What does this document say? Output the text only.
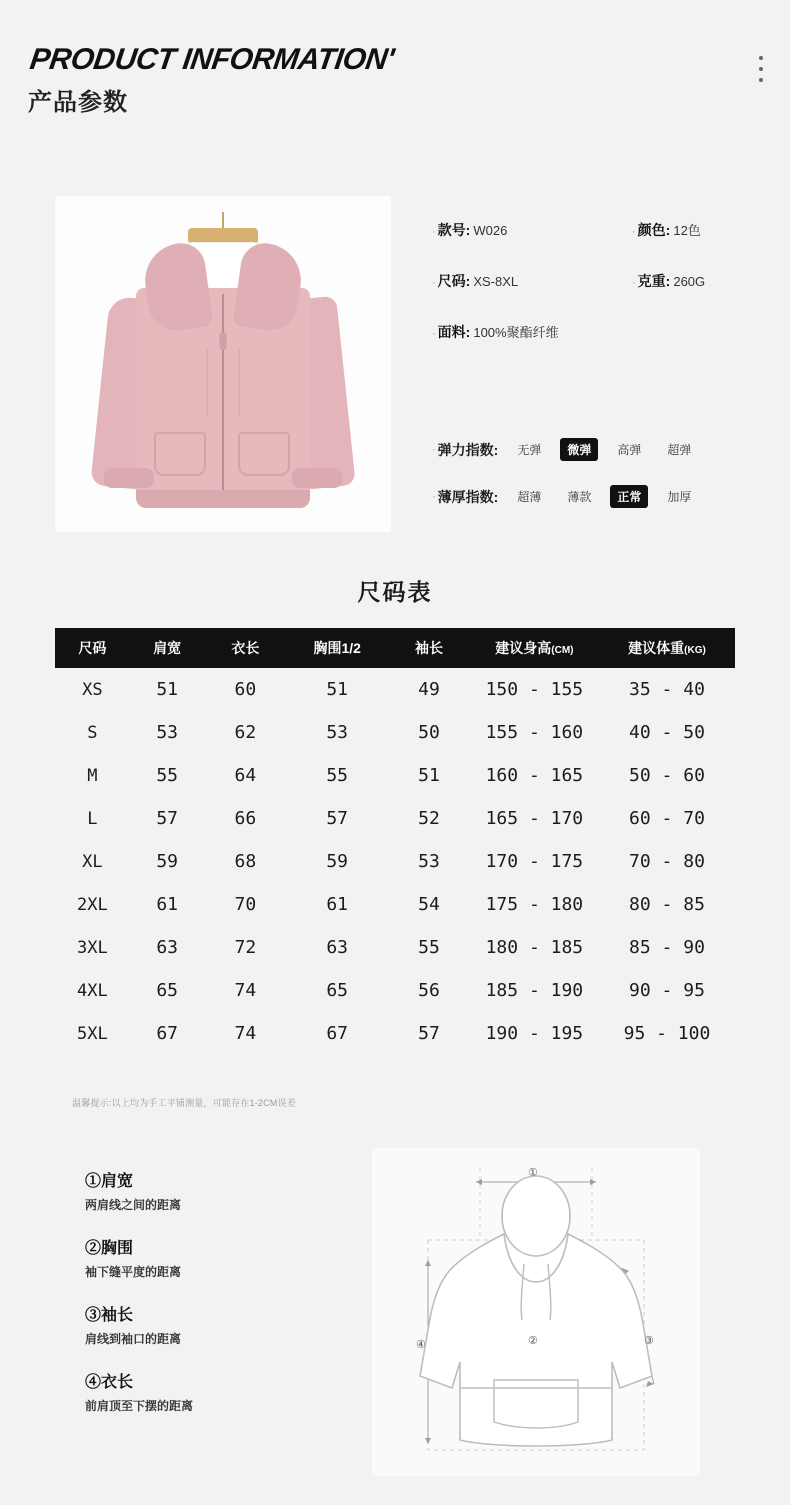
PRODUCT INFORMATION'
产品参数
· 款号: W026	· 颜色: 12色
· 尺码: XS-8XL	· 克重: 260G
· 面料: 100%聚酯纤维
· 弹力指数:	无弹	微弹	高弹	超弹
· 薄厚指数:	超薄	薄款	正常	加厚
尺码表
尺码	肩宽	衣长	胸围1/2	袖长	建议身高(CM)	建议体重(KG)
XS	51	60	51	49	150 - 155	35 - 40
S	53	62	53	50	155 - 160	40 - 50
M	55	64	55	51	160 - 165	50 - 60
L	57	66	57	52	165 - 170	60 - 70
XL	59	68	59	53	170 - 175	70 - 80
2XL	61	70	61	54	175 - 180	80 - 85
3XL	63	72	63	55	180 - 185	85 - 90
4XL	65	74	65	56	185 - 190	90 - 95
5XL	67	74	67	57	190 - 195	95 - 100
温馨提示:以上均为手工平铺测量，可能存在1-2CM误差
①肩宽
两肩线之间的距离
②胸围
袖下缝平度的距离
③袖长
肩线到袖口的距离
④衣长
前肩顶至下摆的距离
①
②	③
④
